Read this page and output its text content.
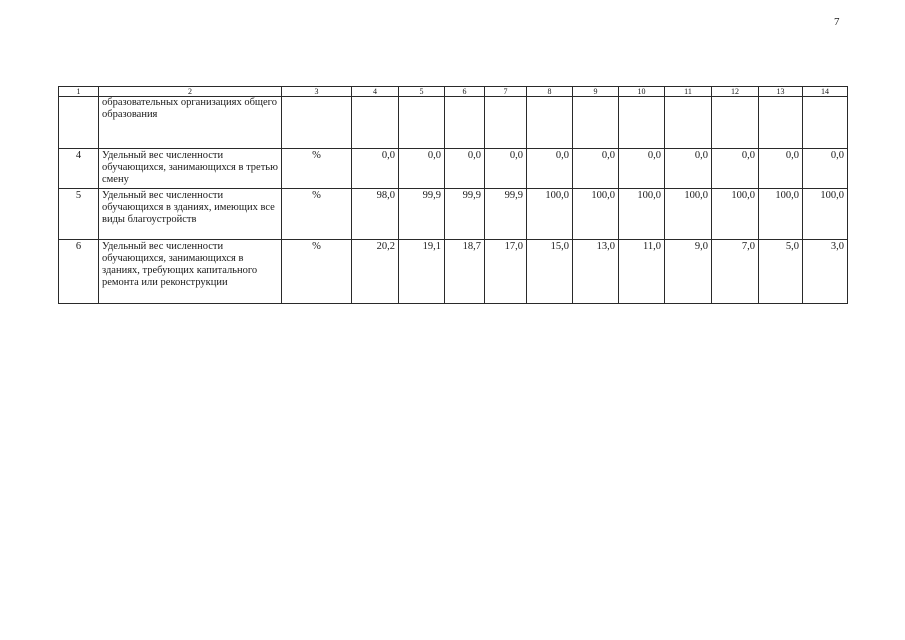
7
1	2	3	4	5	6	7	8	9	10	11	12	13	14
	образовательных организациях общего образования												
4	Удельный вес численности обучающихся, занимающихся в третью смену	%	0,0	0,0	0,0	0,0	0,0	0,0	0,0	0,0	0,0	0,0	0,0
5	Удельный вес численности обучающихся в зданиях, имеющих все виды благоустройств	%	98,0	99,9	99,9	99,9	100,0	100,0	100,0	100,0	100,0	100,0	100,0
6	Удельный вес численности обучающихся, занимающихся в зданиях, требующих капитального ремонта или реконструкции	%	20,2	19,1	18,7	17,0	15,0	13,0	11,0	9,0	7,0	5,0	3,0
